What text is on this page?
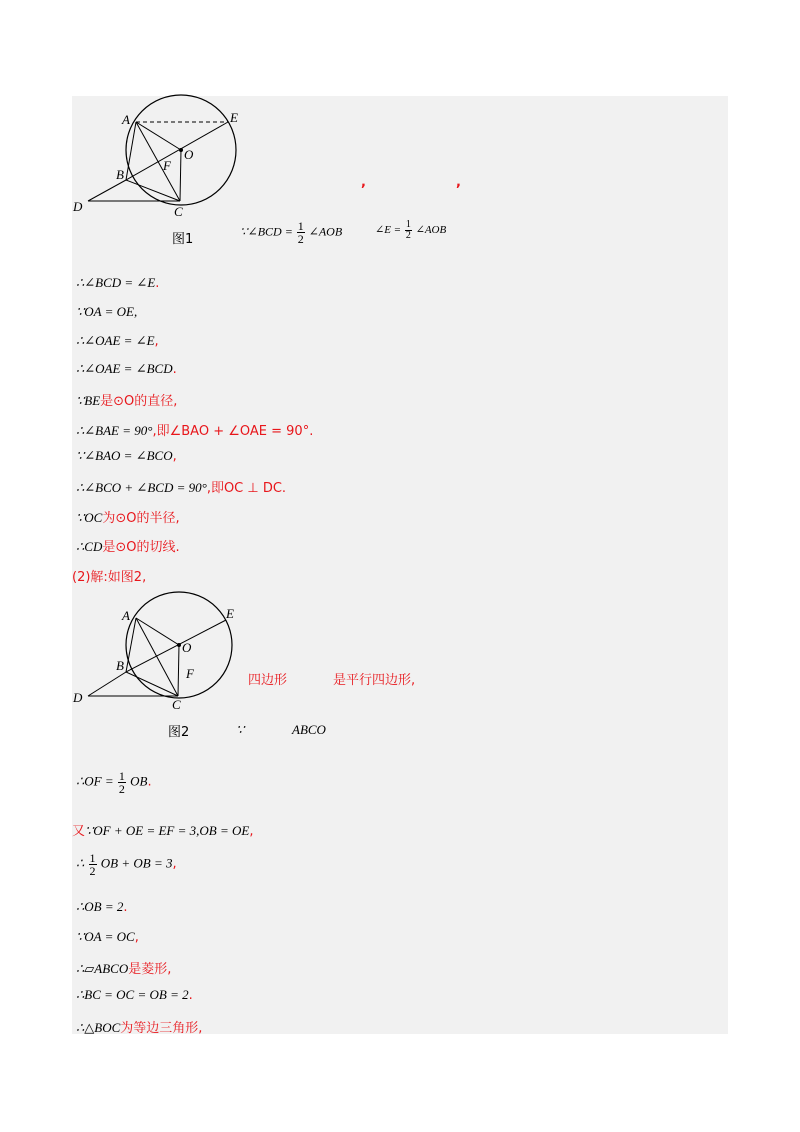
A	E
O
F
B
D	C
图1
,	,
∵∠BCD = $\frac{1}{2}$ ∠AOB	∠E = $\frac{1}{2}$ ∠AOB
∴∠BCD = ∠E.
∵OA = OE,
∴∠OAE = ∠E,
∴∠OAE = ∠BCD.
∵BE是⊙O的直径,
∴∠BAE = 90°,即∠BAO + ∠OAE = 90°.
∵∠BAO = ∠BCO,
∴∠BCO + ∠BCD = 90°,即OC ⊥ DC.
∵OC为⊙O的半径,
∴CD是⊙O的切线.
(2)解:如图2,
A	E
O
F
B
D	C
图2
四边形	是平行四边形,
∵	ABCO
∴OF = $\frac{1}{2}$ OB.
又∵OF + OE = EF = 3,OB = OE,
∴ $\frac{1}{2}$ OB + OB = 3,
∴OB = 2.
∵OA = OC,
∴▱ABCO是菱形,
∴BC = OC = OB = 2.
∴△BOC为等边三角形,
